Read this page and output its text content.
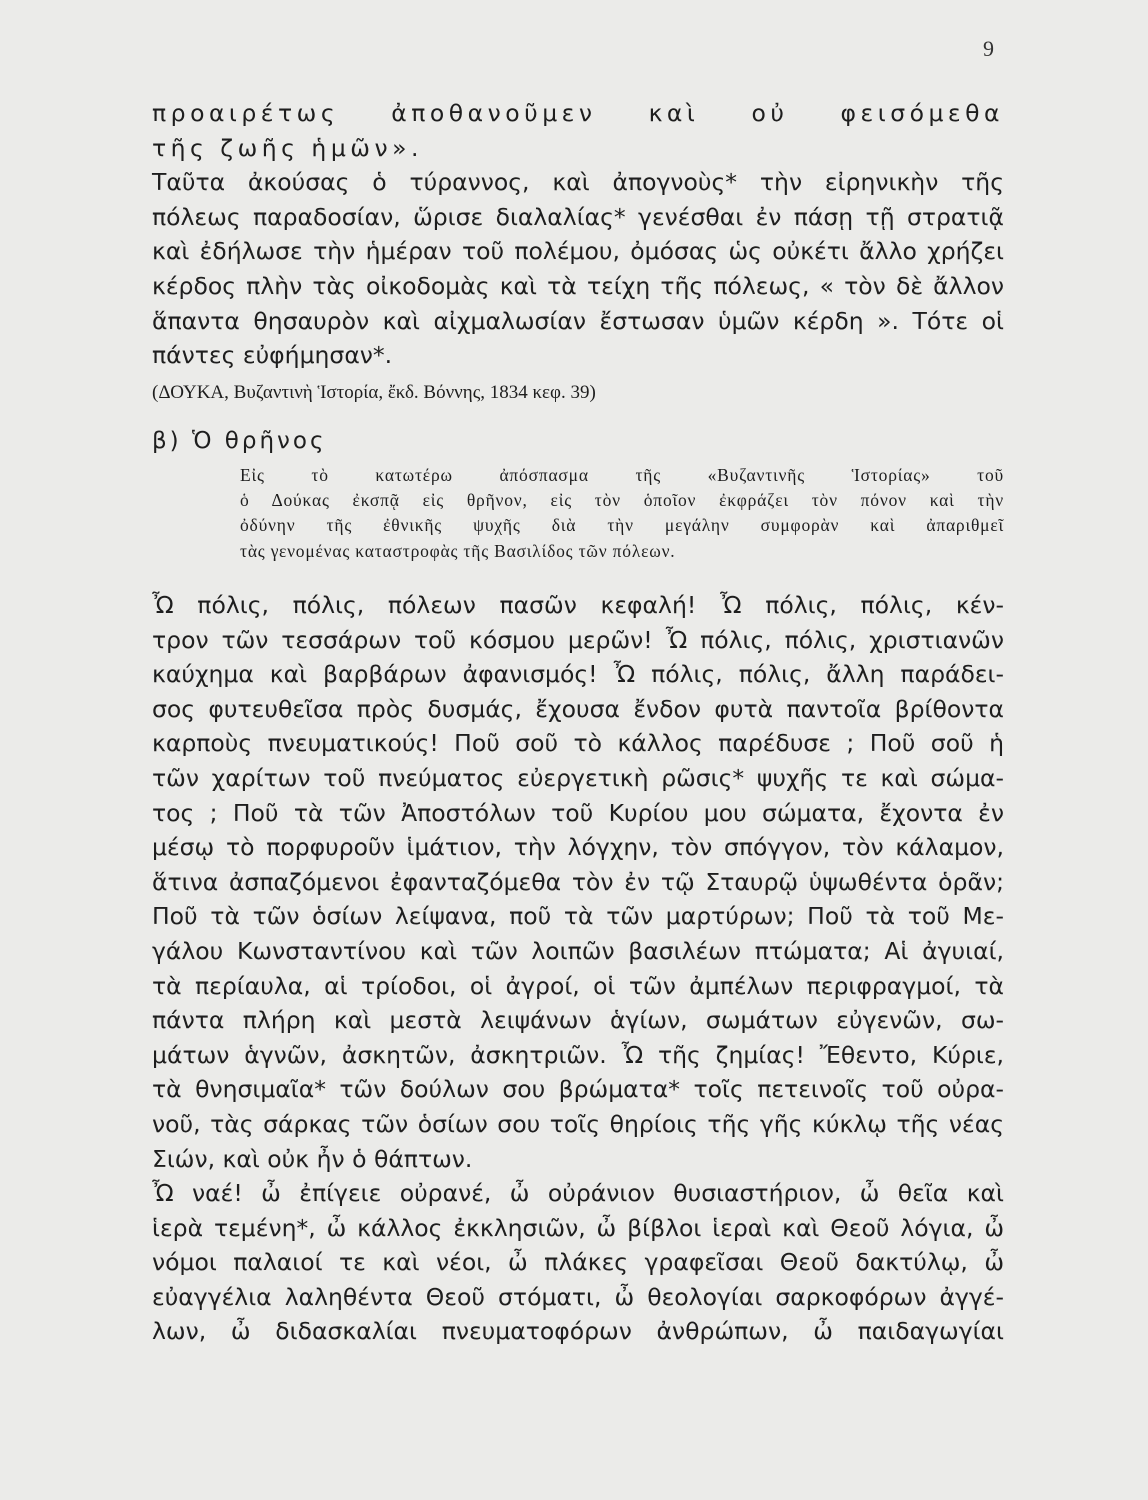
9
προαιρέτως ἀποθανοῦμεν καὶ οὐ φεισόμεθα
τῆς ζωῆς ἡμῶν».
Ταῦτα ἀκούσας ὁ τύραννος, καὶ ἀπογνοὺς* τὴν εἰρηνικὴν τῆς
πόλεως παραδοσίαν, ὥρισε διαλαλίας* γενέσθαι ἐν πάσῃ τῇ στρατιᾷ
καὶ ἐδήλωσε τὴν ἡμέραν τοῦ πολέμου, ὀμόσας ὡς οὐκέτι ἄλλο χρήζει
κέρδος πλὴν τὰς οἰκοδομὰς καὶ τὰ τείχη τῆς πόλεως, « τὸν δὲ ἄλλον
ἅπαντα θησαυρὸν καὶ αἰχμαλωσίαν ἔστωσαν ὑμῶν κέρδη ». Τότε οἱ
πάντες εὐφήμησαν*.
(ΔΟΥΚΑ, Βυζαντινὴ Ἱστορία, ἔκδ. Βόννης, 1834 κεφ. 39)
β) Ὁ θρῆνος
Εἰς τὸ κατωτέρω ἀπόσπασμα τῆς «Βυζαντινῆς Ἱστορίας» τοῦ
ὁ Δούκας ἐκσπᾷ εἰς θρῆνον, εἰς τὸν ὁποῖον ἐκφράζει τὸν πόνον καὶ τὴν
ὀδύνην τῆς ἐθνικῆς ψυχῆς διὰ τὴν μεγάλην συμφορὰν καὶ ἀπαριθμεῖ
τὰς γενομένας καταστροφὰς τῆς Βασιλίδος τῶν πόλεων.
Ὦ πόλις, πόλις, πόλεων πασῶν κεφαλή! Ὦ πόλις, πόλις, κέν-
τρον τῶν τεσσάρων τοῦ κόσμου μερῶν! Ὦ πόλις, πόλις, χριστιανῶν
καύχημα καὶ βαρβάρων ἀφανισμός! Ὦ πόλις, πόλις, ἄλλη παράδει-
σος φυτευθεῖσα πρὸς δυσμάς, ἔχουσα ἔνδον φυτὰ παντοῖα βρίθοντα
καρποὺς πνευματικούς! Ποῦ σοῦ τὸ κάλλος παρέδυσε ; Ποῦ σοῦ ἡ
τῶν χαρίτων τοῦ πνεύματος εὐεργετικὴ ρῶσις* ψυχῆς τε καὶ σώμα-
τος ; Ποῦ τὰ τῶν Ἀποστόλων τοῦ Κυρίου μου σώματα, ἔχοντα ἐν
μέσῳ τὸ πορφυροῦν ἱμάτιον, τὴν λόγχην, τὸν σπόγγον, τὸν κάλαμον,
ἅτινα ἀσπαζόμενοι ἐφανταζόμεθα τὸν ἐν τῷ Σταυρῷ ὑψωθέντα ὁρᾶν;
Ποῦ τὰ τῶν ὁσίων λείψανα, ποῦ τὰ τῶν μαρτύρων; Ποῦ τὰ τοῦ Με-
γάλου Κωνσταντίνου καὶ τῶν λοιπῶν βασιλέων πτώματα; Αἱ ἀγυιαί,
τὰ περίαυλα, αἱ τρίοδοι, οἱ ἀγροί, οἱ τῶν ἀμπέλων περιφραγμοί, τὰ
πάντα πλήρη καὶ μεστὰ λειψάνων ἁγίων, σωμάτων εὐγενῶν, σω-
μάτων ἁγνῶν, ἀσκητῶν, ἀσκητριῶν. Ὦ τῆς ζημίας! Ἔθεντο, Κύριε,
τὰ θνησιμαῖα* τῶν δούλων σου βρώματα* τοῖς πετεινοῖς τοῦ οὐρα-
νοῦ, τὰς σάρκας τῶν ὁσίων σου τοῖς θηρίοις τῆς γῆς κύκλῳ τῆς νέας
Σιών, καὶ οὐκ ἦν ὁ θάπτων.
Ὦ ναέ! ὦ ἐπίγειε οὐρανέ, ὦ οὐράνιον θυσιαστήριον, ὦ θεῖα καὶ
ἱερὰ τεμένη*, ὦ κάλλος ἐκκλησιῶν, ὦ βίβλοι ἱεραὶ καὶ Θεοῦ λόγια, ὦ
νόμοι παλαιοί τε καὶ νέοι, ὦ πλάκες γραφεῖσαι Θεοῦ δακτύλῳ, ὦ
εὐαγγέλια λαληθέντα Θεοῦ στόματι, ὦ θεολογίαι σαρκοφόρων ἀγγέ-
λων, ὦ διδασκαλίαι πνευματοφόρων ἀνθρώπων, ὦ παιδαγωγίαι
